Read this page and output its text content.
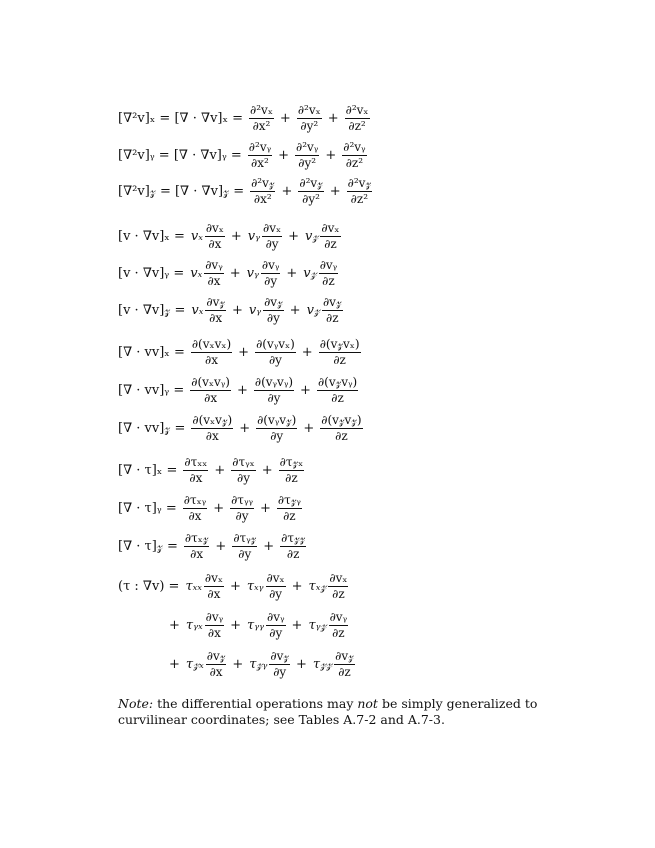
[∇²v]ₓ = [∇ · $\nabla v]_x = \frac{\text{∂²vₓ}}{\text{∂x²}} + \frac{\text{∂²vₓ}}{\text{∂y²}} + \frac{\text{∂²vₓ}}{\text{∂z²}}$
[∇²v]ᵧ = [∇ · ∇v]ᵧ = $\frac{\text{∂²vᵧ}}{\text{∂x²}} + \frac{\text{∂²vᵧ}}{\text{∂y²}} + \frac{\text{∂²vᵧ}}{\text{∂z²}}$
[∇²v]𝓏 = [∇ · ∇v]𝓏 = $\frac{\text{∂²v𝓏}}{\text{∂x²}} + \frac{\text{∂²v𝓏}}{\text{∂y²}} + \frac{\text{∂²v𝓏}}{\text{∂z²}}$
[v · ∇v]ₓ = vₓ $\frac{\text{∂vₓ}}{\partial x}$ + vᵧ $\frac{\text{∂vₓ}}{\partial y}$ + v𝓏 $\frac{\text{∂vₓ}}{\partial z}$
[v · ∇v]ᵧ = vₓ $\frac{\text{∂vᵧ}}{\partial x}$ + vᵧ $\frac{\text{∂vᵧ}}{\partial y}$ + v𝓏 $\frac{\text{∂vᵧ}}{\partial z}$
[v · ∇v]𝓏 = vₓ $\frac{\text{∂v𝓏}}{\partial x}$ + vᵧ $\frac{\text{∂v𝓏}}{\partial y}$ + v𝓏 $\frac{\text{∂v𝓏}}{\partial z}$
[∇ · $vv]_x = \frac{\text{∂(vₓvₓ)}}{\partial x} + \frac{\text{∂(vᵧvₓ)}}{\partial y} + \frac{\text{∂(v𝓏vₓ)}}{\partial z}$
[∇ · vv]ᵧ = $\frac{\text{∂(vₓvᵧ)}}{\partial x} + \frac{\text{∂(vᵧvᵧ)}}{\partial y} + \frac{\text{∂(v𝓏vᵧ)}}{\partial z}$
[∇ · vv]𝓏 = $\frac{\text{∂(vₓv𝓏)}}{\partial x} + \frac{\text{∂(vᵧv𝓏)}}{\partial y} + \frac{\text{∂(v𝓏v𝓏)}}{\partial z}$
[∇ · $\tau]_x = \frac{\text{∂τₓₓ}}{\partial x} + \frac{\text{∂τᵧₓ}}{\partial y} + \frac{\text{∂τ𝓏ₓ}}{\partial z}$
[∇ · τ]ᵧ = $\frac{\text{∂τₓᵧ}}{\partial x} + \frac{\text{∂τᵧᵧ}}{\partial y} + \frac{\text{∂τ𝓏ᵧ}}{\partial z}$
[∇ · τ]𝓏 = $\frac{\text{∂τₓ𝓏}}{\partial x} + \frac{\text{∂τᵧ𝓏}}{\partial y} + \frac{\text{∂τ𝓏𝓏}}{\partial z}$
(τ : ∇v) = τₓₓ $\frac{\text{∂vₓ}}{\partial x}$ + τₓᵧ $\frac{\text{∂vₓ}}{\partial y}$ + τₓ𝓏 $\frac{\text{∂vₓ}}{\partial z}$
+ τᵧₓ $\frac{\text{∂vᵧ}}{\partial x}$ + τᵧᵧ $\frac{\text{∂vᵧ}}{\partial y}$ + τᵧ𝓏 $\frac{\text{∂vᵧ}}{\partial z}$
+ τ𝓏ₓ $\frac{\text{∂v𝓏}}{\partial x}$ + τ𝓏ᵧ $\frac{\text{∂v𝓏}}{\partial y}$ + τ𝓏𝓏 $\frac{\text{∂v𝓏}}{\partial z}$
Note: the differential operations may not be simply generalized to curvilinear coordinates; see Tables A.7-2 and A.7-3.
